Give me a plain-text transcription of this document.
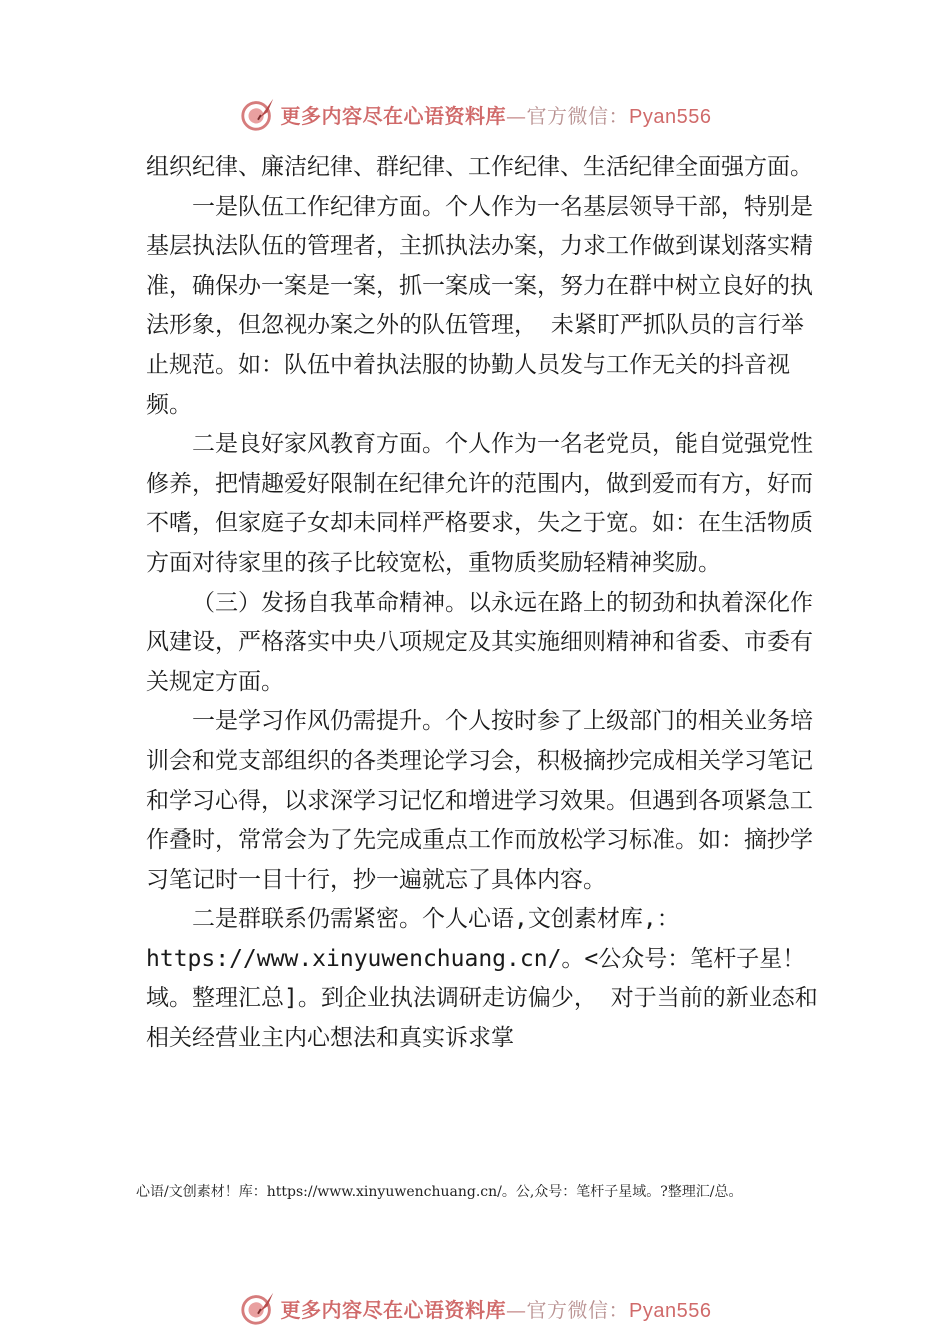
更多内容尽在心语资料库—官方微信：Pyan556

组织纪律、廉洁纪律、群纪律、工作纪律、生活纪律全面强方面。

一是队伍工作纪律方面。个人作为一名基层领导干部，特别是基层执法队伍的管理者，主抓执法办案，力求工作做到谋划落实精准，确保办一案是一案，抓一案成一案，努力在群中树立良好的执法形象，但忽视办案之外的队伍管理， 未紧盯严抓队员的言行举止规范。如：队伍中着执法服的协勤人员发与工作无关的抖音视频。

二是良好家风教育方面。个人作为一名老党员，能自觉强党性修养，把情趣爱好限制在纪律允许的范围内，做到爱而有方，好而不嗜，但家庭子女却未同样严格要求，失之于宽。如：在生活物质方面对待家里的孩子比较宽松，重物质奖励轻精神奖励。

（三）发扬自我革命精神。以永远在路上的韧劲和执着深化作风建设，严格落实中央八项规定及其实施细则精神和省委、市委有关规定方面。

一是学习作风仍需提升。个人按时参了上级部门的相关业务培训会和党支部组织的各类理论学习会，积极摘抄完成相关学习笔记和学习心得，以求深学习记忆和增进学习效果。但遇到各项紧急工作叠时，常常会为了先完成重点工作而放松学习标准。如：摘抄学习笔记时一目十行，抄一遍就忘了具体内容。

二是群联系仍需紧密。个人心语,文创素材库,：https://www.xinyuwenchuang.cn/。<公众号：笔杆子星！域。整理汇总]。到企业执法调研走访偏少， 对于当前的新业态和相关经营业主内心想法和真实诉求掌

心语/文创素材！库：https://www.xinyuwenchuang.cn/。公,众号：笔杆子星域。?整理汇/总。
更多内容尽在心语资料库—官方微信：Pyan556
